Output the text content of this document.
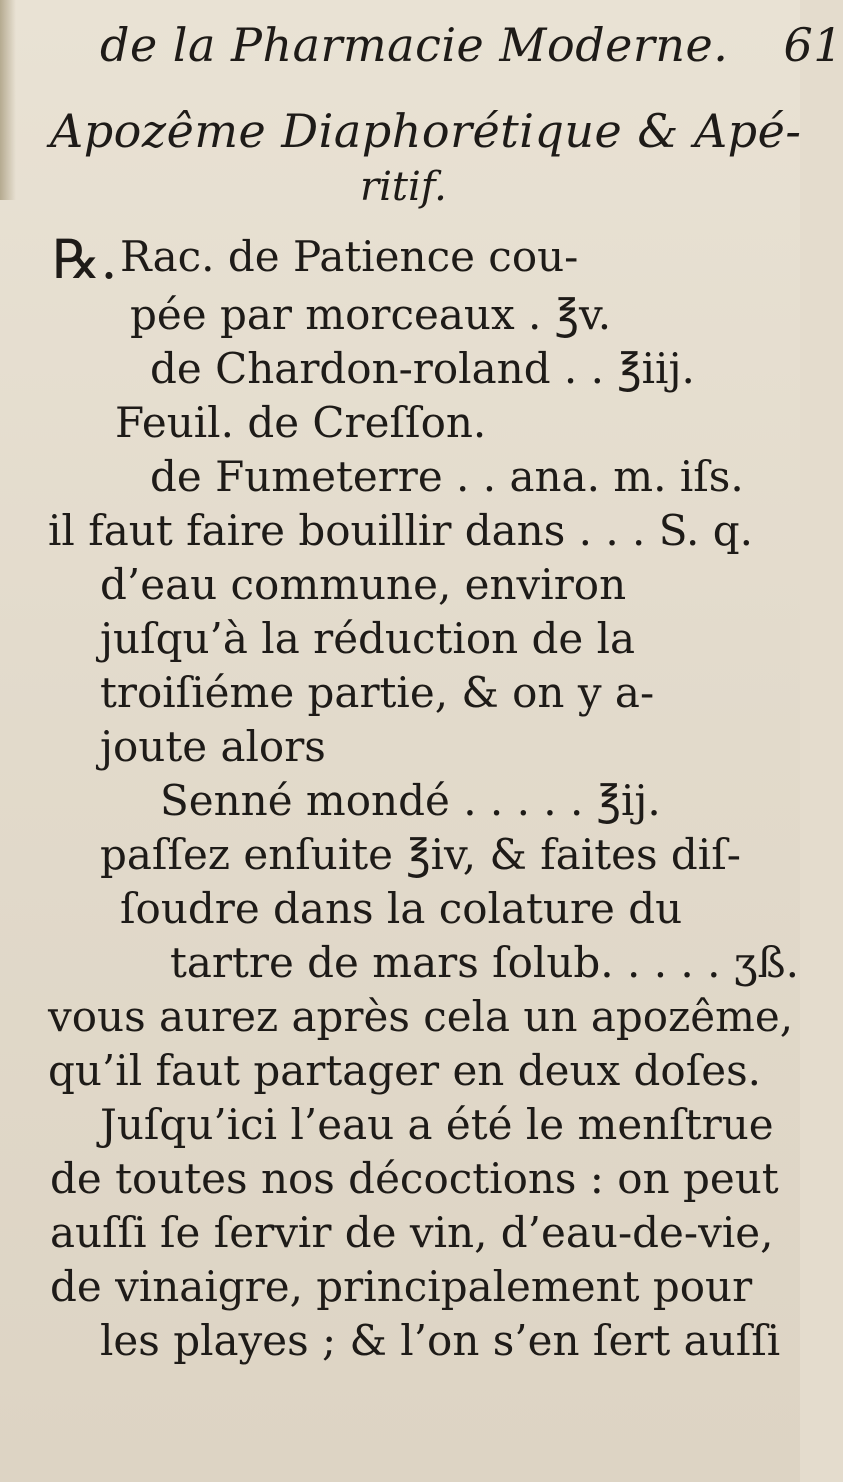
de la Pharmacie Moderne. 61
Apozême Diaphorétique & Apé-
ritif.
℞. Rac. de Patience cou-
pée par morceaux . ℥v.
de Chardon-roland . . ℥iij.
Feuil. de Creſſon.
de Fumeterre . . ana. m. iſs.
il faut faire bouillir dans . . . S. q.
d’eau commune, environ
juſqu’à la réduction de la
troiſiéme partie, & on y a-
joute alors
Senné mondé . . . . . ℥ij.
paſſez enſuite ℥iv, & faites diſ-
ſoudre dans la colature du
tartre de mars ſolub. . . . . ʒß.
vous aurez après cela un apozême,
qu’il faut partager en deux doſes.
Juſqu’ici l’eau a été le menſtrue
de toutes nos décoctions : on peut
auſſi ſe ſervir de vin, d’eau-de-vie,
de vinaigre, principalement pour
les playes ; & l’on s’en ſert auſſi
